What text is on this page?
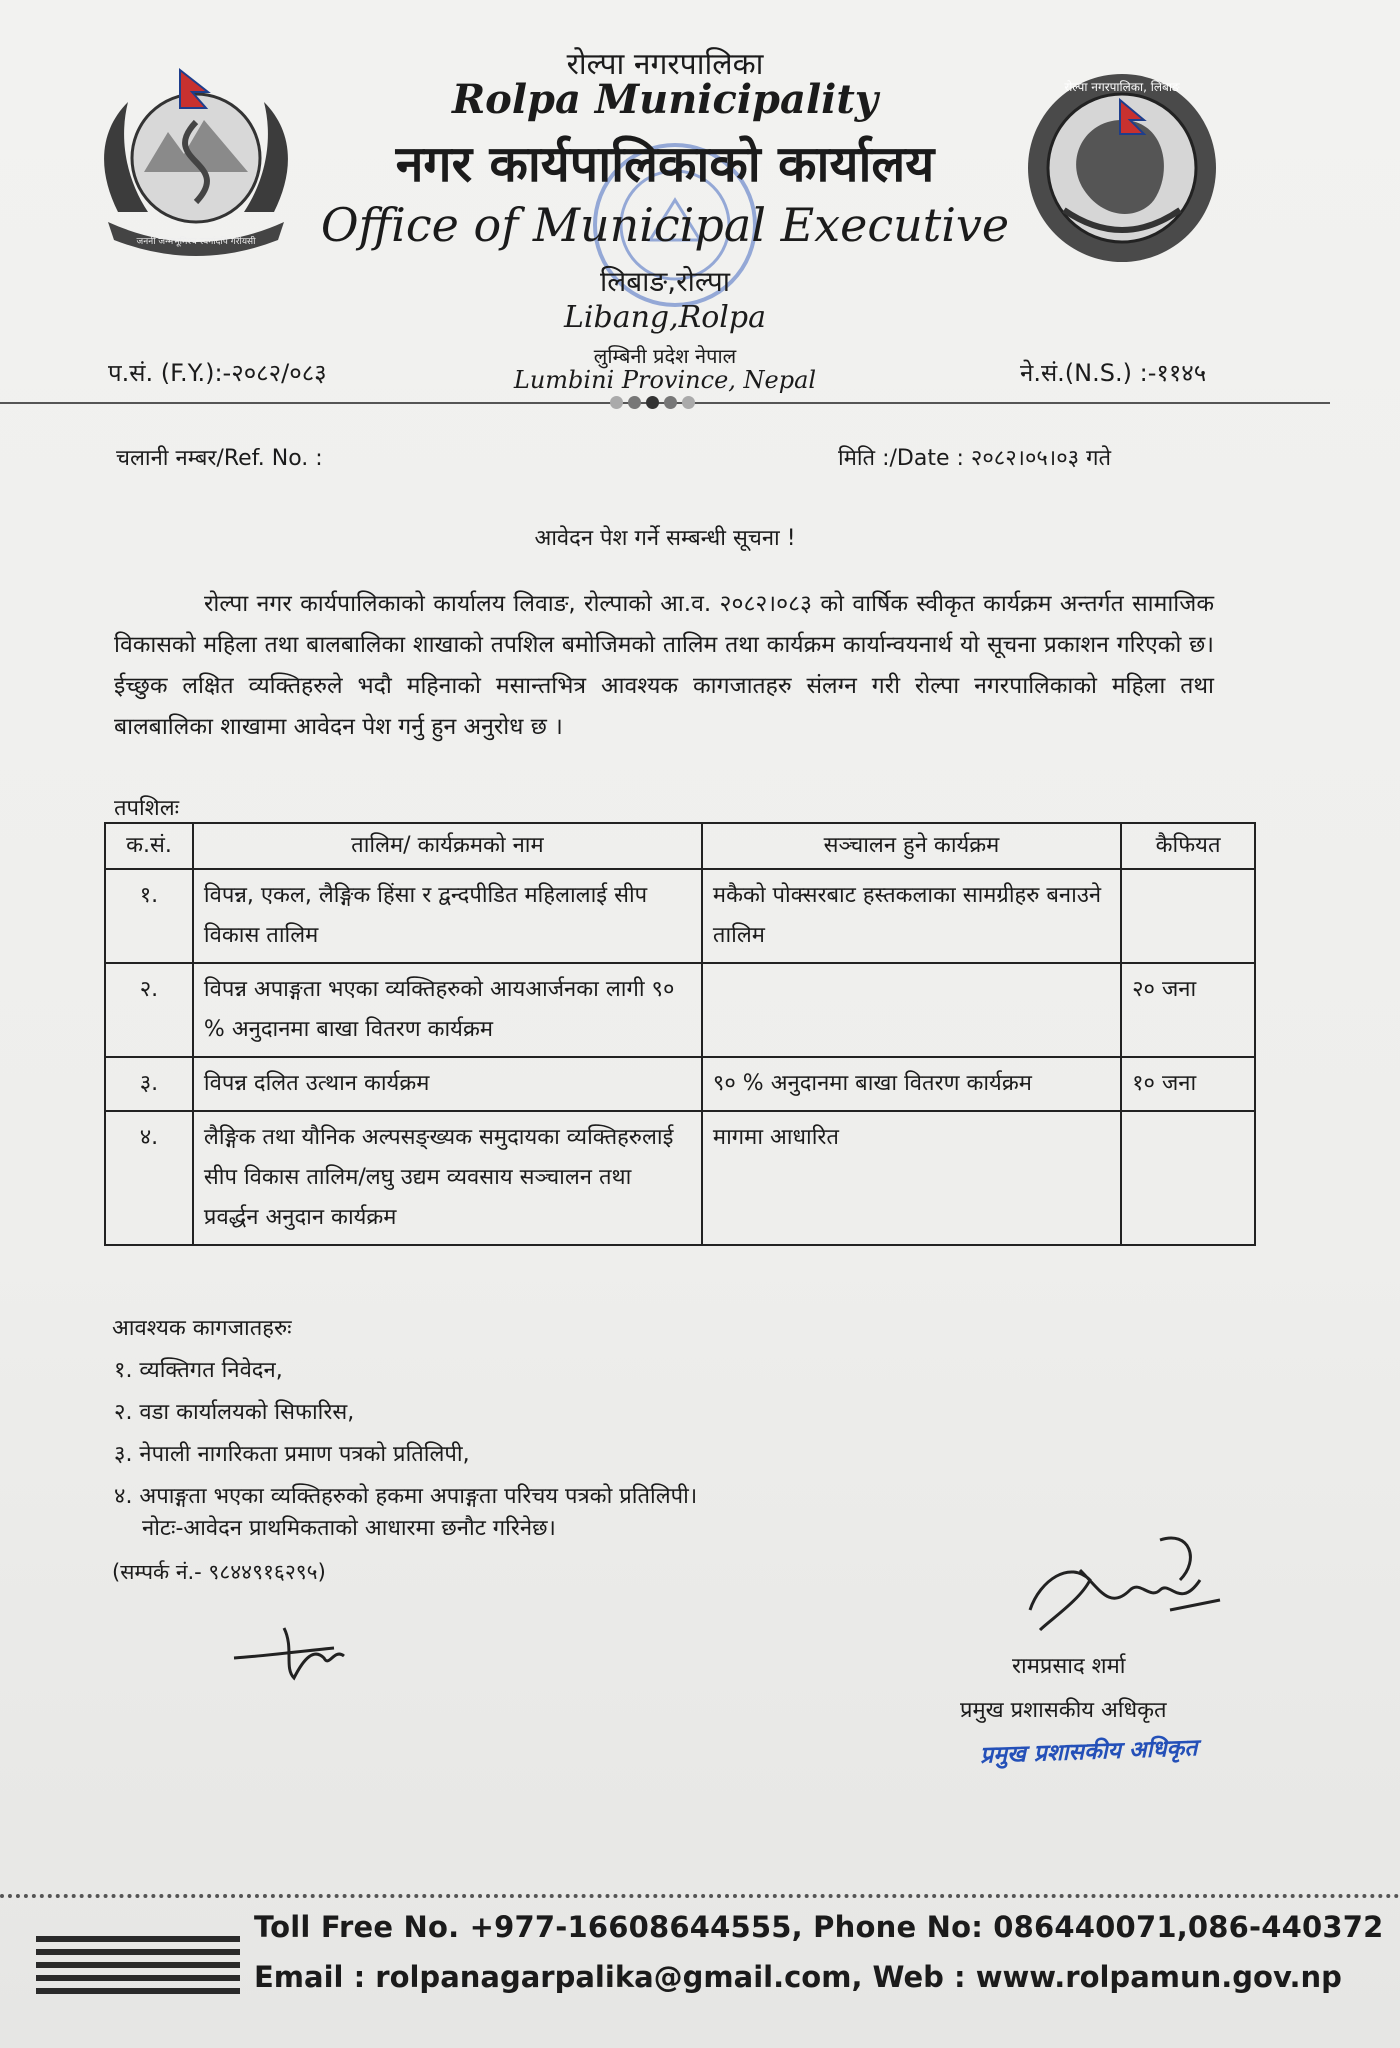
जननी जन्मभूमिश्च स्वर्गादपि गरीयसी
रोल्पा नगरपालिका, लिबाङ
रोल्पा नगरपालिका
Rolpa Municipality
नगर कार्यपालिकाको कार्यालय
Office of Municipal Executive
लिबाङ,रोल्पा
Libang,Rolpa
लुम्बिनी प्रदेश नेपाल
Lumbini Province, Nepal
प.सं. (F.Y.):-२०८२/०८३	ने.सं.(N.S.) :-११४५
चलानी नम्बर/Ref. No. :	मिति :/Date : २०८२।०५।०३ गते
आवेदन पेश गर्ने सम्बन्धी सूचना !
रोल्पा नगर कार्यपालिकाको कार्यालय लिवाङ, रोल्पाको आ.व. २०८२।०८३ को वार्षिक स्वीकृत कार्यक्रम अन्तर्गत सामाजिक विकासको महिला तथा बालबालिका शाखाको तपशिल बमोजिमको तालिम तथा कार्यक्रम कार्यान्वयनार्थ यो सूचना प्रकाशन गरिएको छ।ईच्छुक लक्षित व्यक्तिहरुले भदौ महिनाको मसान्तभित्र आवश्यक कागजातहरु संलग्न गरी रोल्पा नगरपालिकाको महिला तथा बालबालिका शाखामा आवेदन पेश गर्नु हुन अनुरोध छ ।
तपशिलः
क.सं.	तालिम/ कार्यक्रमको नाम	सञ्चालन हुने कार्यक्रम	कैफियत
१.	विपन्न, एकल, लैङ्गिक हिंसा र द्वन्दपीडित महिलालाई सीप विकास तालिम	मकैको पोक्सरबाट हस्तकलाका सामग्रीहरु बनाउने तालिम	
२.	विपन्न अपाङ्गता भएका व्यक्तिहरुको आयआर्जनका लागी ९० % अनुदानमा बाखा वितरण कार्यक्रम		२० जना
३.	विपन्न दलित उत्थान कार्यक्रम	९० % अनुदानमा बाखा वितरण कार्यक्रम	१० जना
४.	लैङ्गिक तथा यौनिक अल्पसङ्ख्यक समुदायका व्यक्तिहरुलाई सीप विकास तालिम/लघु उद्यम व्यवसाय सञ्चालन तथा प्रवर्द्धन अनुदान कार्यक्रम	मागमा आधारित	
आवश्यक कागजातहरुः
१. व्यक्तिगत निवेदन,
२. वडा कार्यालयको सिफारिस,
३. नेपाली नागरिकता प्रमाण पत्रको प्रतिलिपी,
४. अपाङ्गता भएका व्यक्तिहरुको हकमा अपाङ्गता परिचय पत्रको प्रतिलिपी।
नोटः-आवेदन प्राथमिकताको आधारमा छनौट गरिनेछ।
(सम्पर्क नं.- ९८४४९१६२९५)
रामप्रसाद शर्मा
प्रमुख प्रशासकीय अधिकृत
प्रमुख प्रशासकीय अधिकृत
Toll Free No. +977-16608644555, Phone No: 086440071,086-440372
Email : rolpanagarpalika@gmail.com, Web : www.rolpamun.gov.np
